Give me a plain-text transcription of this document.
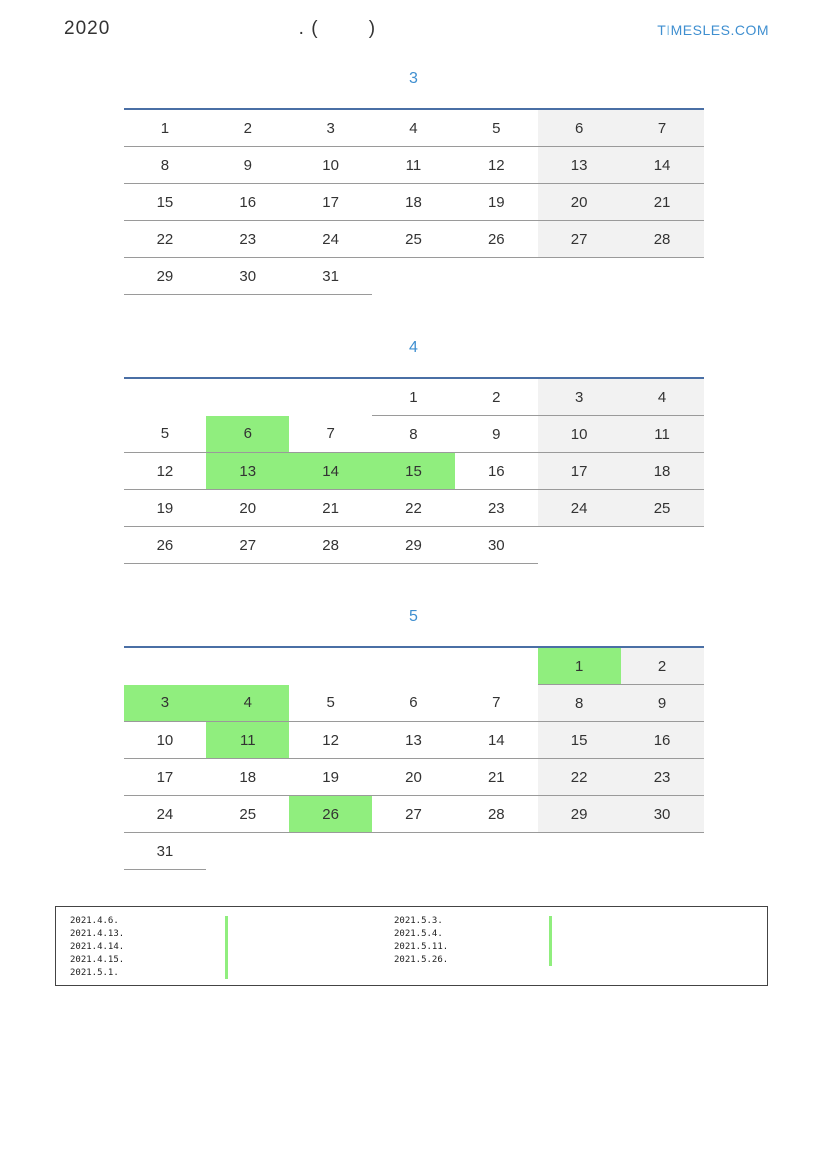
2020                              . (        )	TIMESLES.COM
3

1	2	3	4	5	6	7
8	9	10	11	12	13	14
15	16	17	18	19	20	21
22	23	24	25	26	27	28
29	30	31				
4

			1	2	3	4
5	6	7	8	9	10	11
12	13	14	15	16	17	18
19	20	21	22	23	24	25
26	27	28	29	30		
5

					1	2
3	4	5	6	7	8	9
10	11	12	13	14	15	16
17	18	19	20	21	22	23
24	25	26	27	28	29	30
31						
2021.4.6.
2021.4.13.
2021.4.14.
2021.4.15.
2021.5.1.
2021.5.3.
2021.5.4.
2021.5.11.
2021.5.26.
